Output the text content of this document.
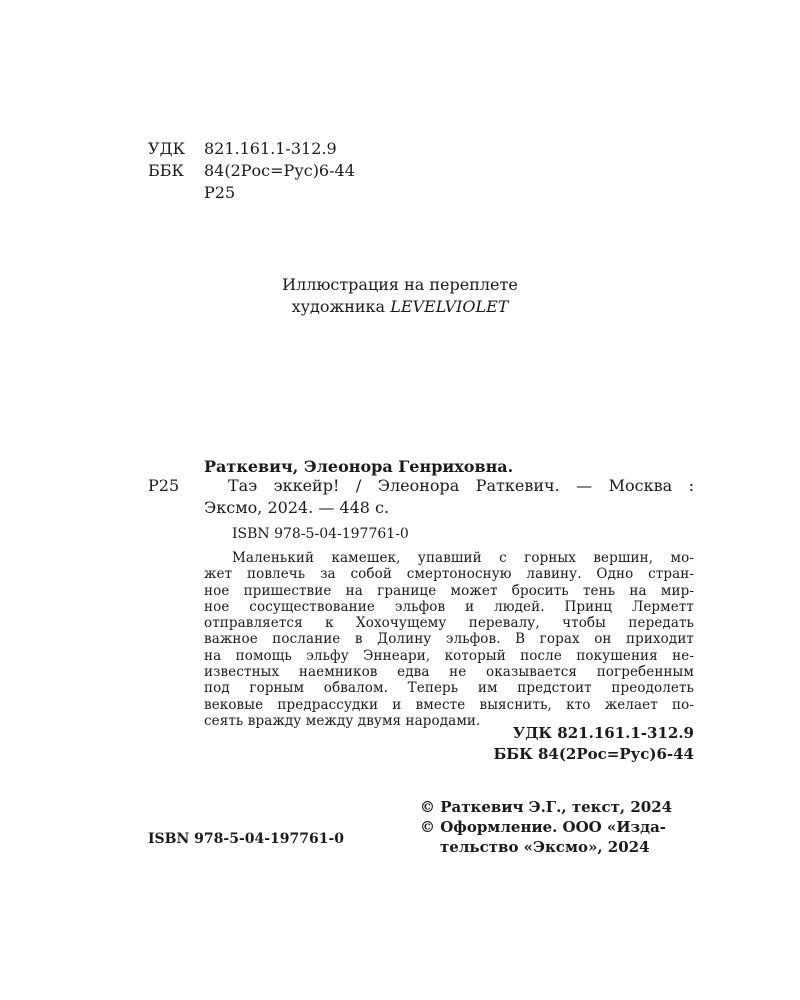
УДК 821.161.1-312.9
ББК 84(2Рос=Рус)6-44
Р25
Иллюстрация на переплете
художника LEVELVIOLET
Раткевич, Элеонора Генриховна.
Р25	Таэ эккейр! / Элеонора Раткевич. — Москва :
Эксмо, 2024. — 448 с.
ISBN 978-5-04-197761-0
Маленький камешек, упавший с горных вершин, мо-
жет повлечь за собой смертоносную лавину. Одно стран-
ное пришествие на границе может бросить тень на мир-
ное сосуществование эльфов и людей. Принц Лерметт
отправляется к Хохочущему перевалу, чтобы передать
важное послание в Долину эльфов. В горах он приходит
на помощь эльфу Эннеари, который после покушения не-
известных наемников едва не оказывается погребенным
под горным обвалом. Теперь им предстоит преодолеть
вековые предрассудки и вместе выяснить, кто желает по-
сеять вражду между двумя народами.
УДК 821.161.1-312.9
ББК 84(2Рос=Рус)6-44
© Раткевич Э.Г., текст, 2024
© Оформление. ООО «Изда-
тельство «Эксмо», 2024
ISBN 978-5-04-197761-0
